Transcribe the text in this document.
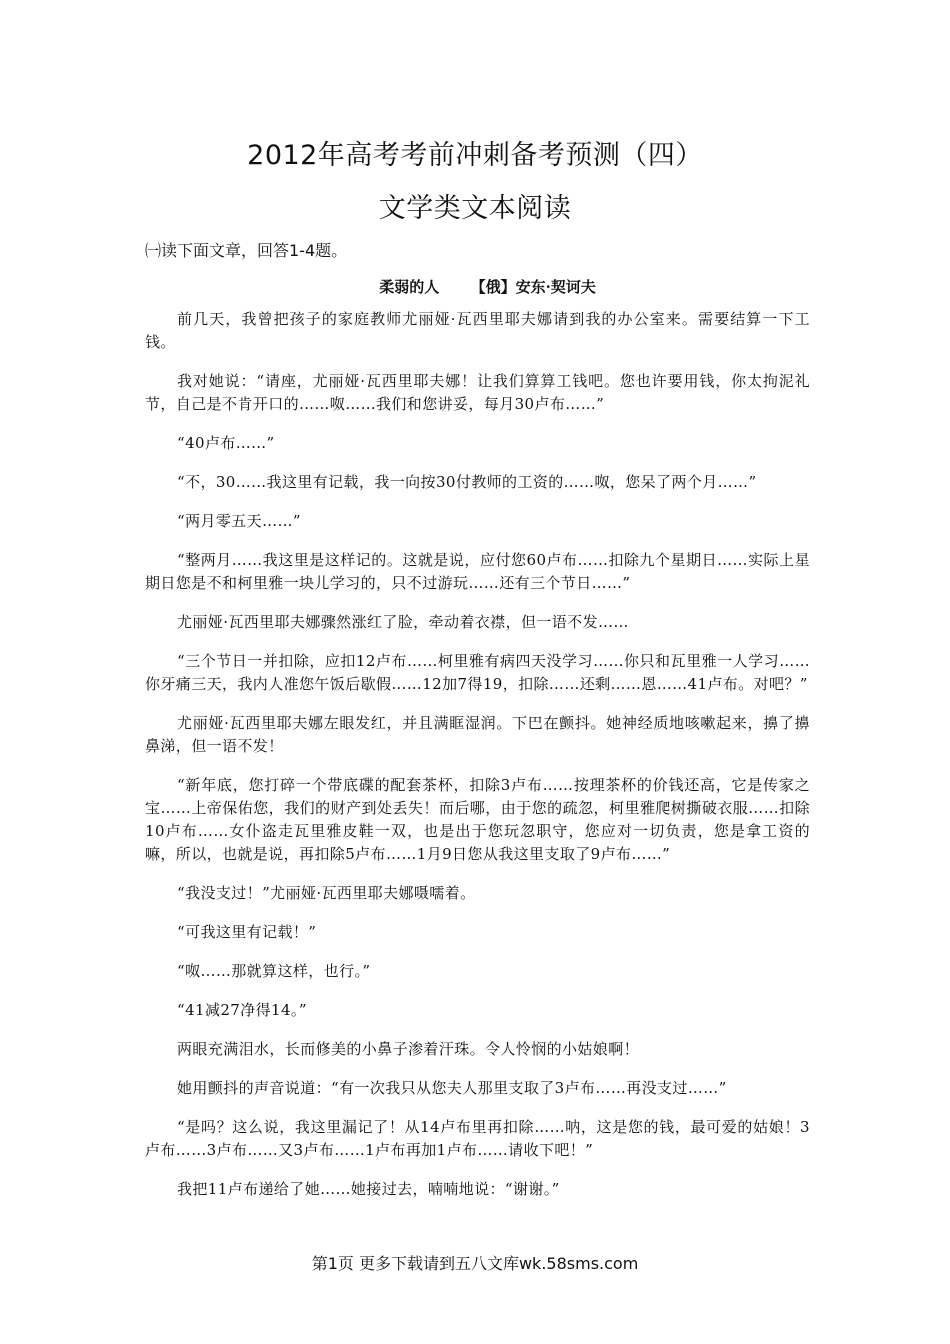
2012年高考考前冲刺备考预测（四）
文学类文本阅读
㈠读下面文章，回答1-4题。
柔弱的人 【俄】安东·契诃夫

前几天，我曾把孩子的家庭教师尤丽娅·瓦西里耶夫娜请到我的办公室来。需要结算一下工钱。

我对她说：“请座，尤丽娅·瓦西里耶夫娜！让我们算算工钱吧。您也许要用钱，你太拘泥礼节，自己是不肯开口的……呶……我们和您讲妥，每月30卢布……”

“40卢布……”

“不，30……我这里有记载，我一向按30付教师的工资的……呶，您呆了两个月……”

“两月零五天……”

“整两月……我这里是这样记的。这就是说，应付您60卢布……扣除九个星期日……实际上星期日您是不和柯里雅一块儿学习的，只不过游玩……还有三个节日……”

尤丽娅·瓦西里耶夫娜骤然涨红了脸，牵动着衣襟，但一语不发……

“三个节日一并扣除，应扣12卢布……柯里雅有病四天没学习……你只和瓦里雅一人学习……你牙痛三天，我内人准您午饭后歇假……12加7得19，扣除……还剩……恩……41卢布。对吧？”

尤丽娅·瓦西里耶夫娜左眼发红，并且满眶湿润。下巴在颤抖。她神经质地咳嗽起来，擤了擤鼻涕，但一语不发！

“新年底，您打碎一个带底碟的配套茶杯，扣除3卢布……按理茶杯的价钱还高，它是传家之宝……上帝保佑您，我们的财产到处丢失！而后哪，由于您的疏忽，柯里雅爬树撕破衣服……扣除10卢布……女仆盗走瓦里雅皮鞋一双，也是出于您玩忽职守，您应对一切负责，您是拿工资的嘛，所以，也就是说，再扣除5卢布……1月9日您从我这里支取了9卢布……”

“我没支过！”尤丽娅·瓦西里耶夫娜嗫嚅着。

“可我这里有记载！”

“呶……那就算这样，也行。”

“41减27净得14。”

两眼充满泪水，长而修美的小鼻子渗着汗珠。令人怜悯的小姑娘啊！

她用颤抖的声音说道：“有一次我只从您夫人那里支取了3卢布……再没支过……”

“是吗？这么说，我这里漏记了！从14卢布里再扣除……呐，这是您的钱，最可爱的姑娘！3卢布……3卢布……又3卢布……1卢布再加1卢布……请收下吧！”

我把11卢布递给了她……她接过去，喃喃地说：“谢谢。”

第1页 更多下载请到五八文库wk.58sms.com
